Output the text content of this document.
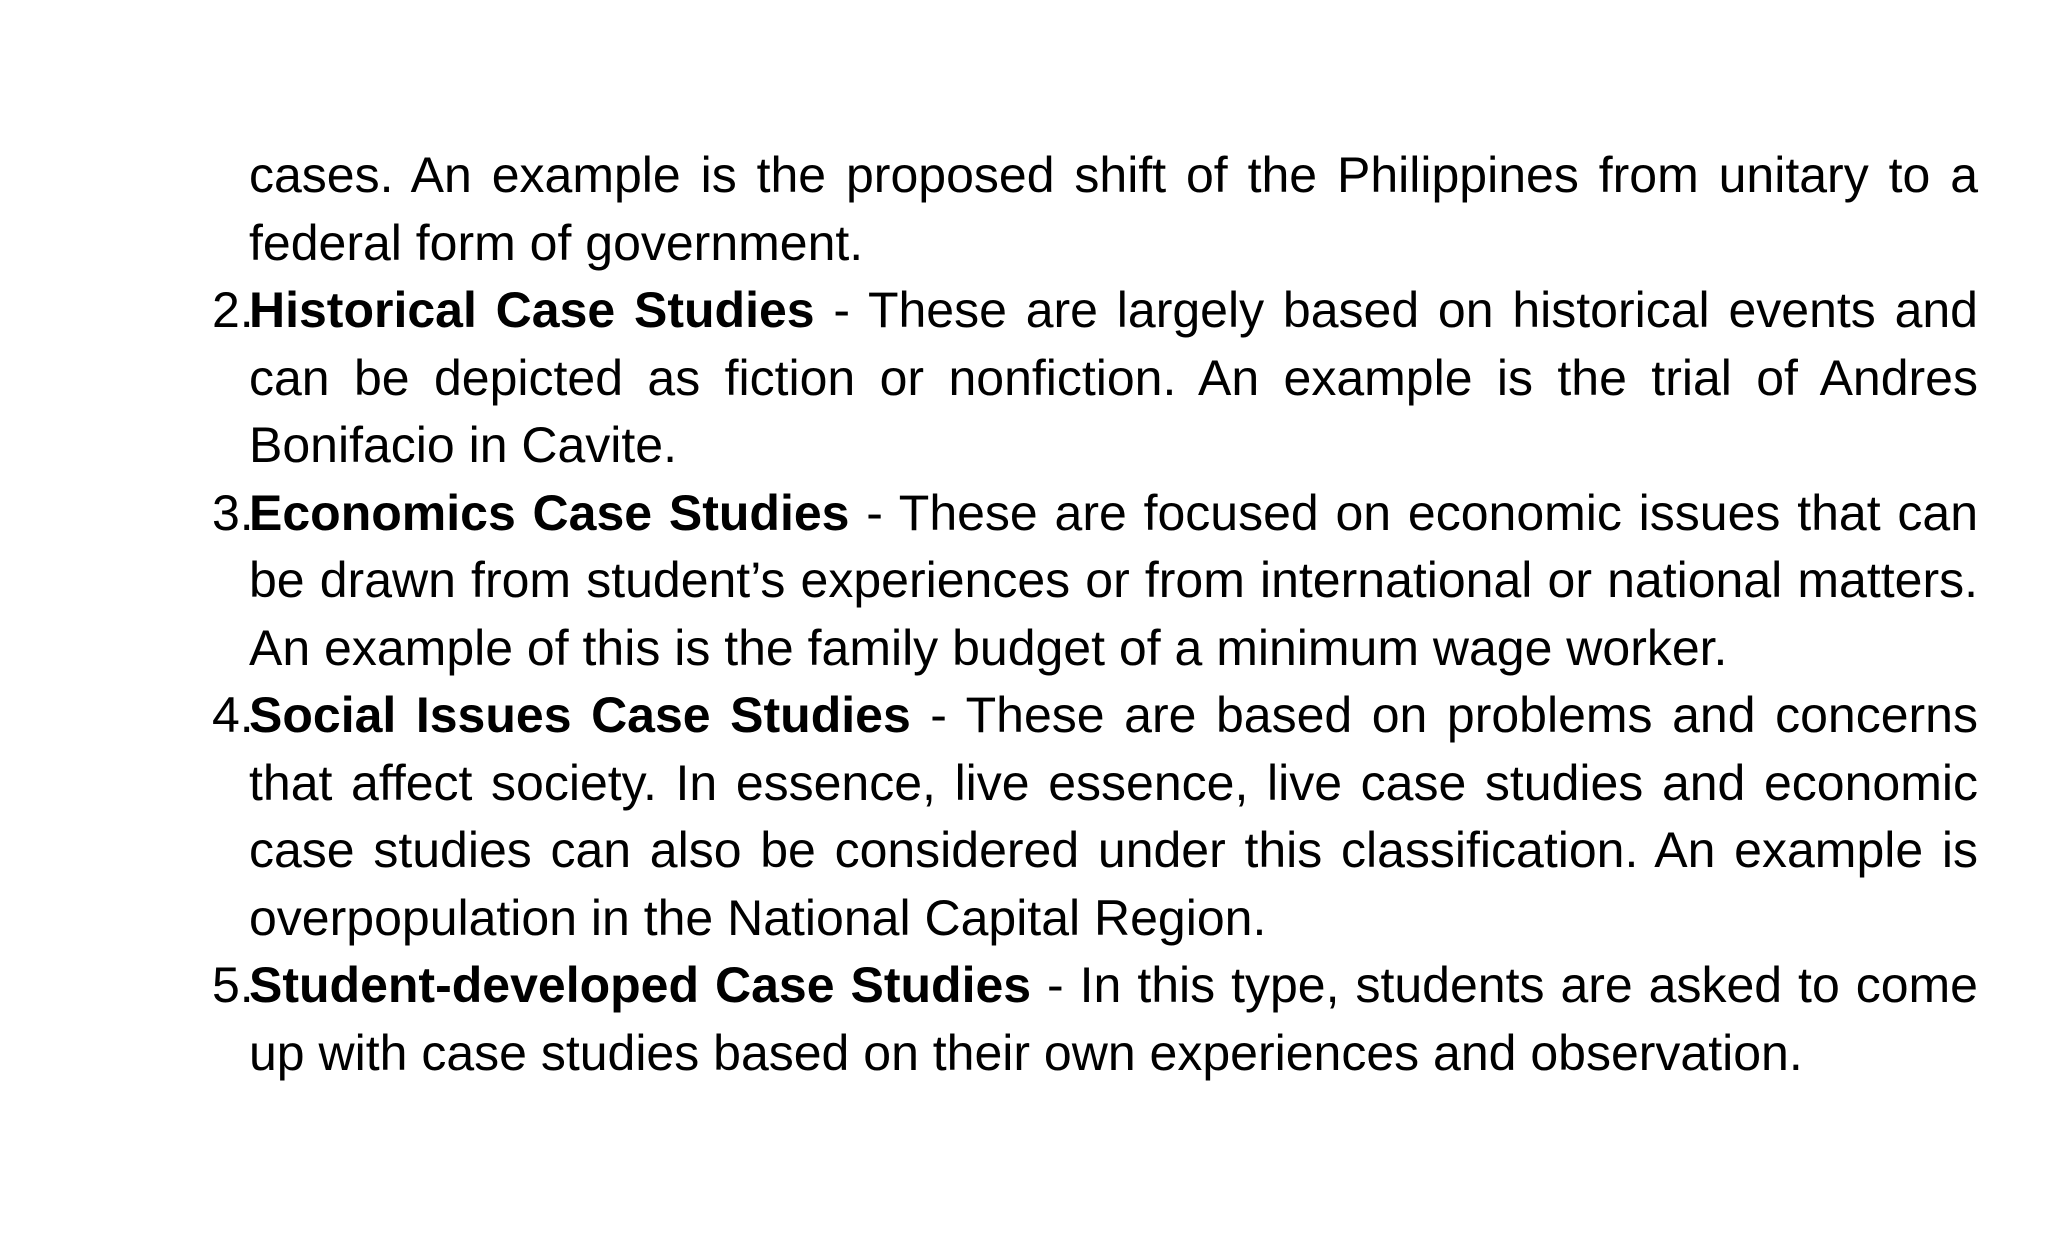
cases. An example is the proposed shift of the Philippines from unitary to a federal form of government.

2.
Historical Case Studies - These are largely based on historical events and can be depicted as fiction or nonfiction. An example is the trial of Andres Bonifacio in Cavite.
3.
Economics Case Studies - These are focused on economic issues that can be drawn from student’s experiences or from international or national matters. An example of this is the family budget of a minimum wage worker.
4.
Social Issues Case Studies - These are based on problems and concerns that affect society. In essence, live essence, live case studies and economic case studies can also be considered under this classification. An example is overpopulation in the National Capital Region.
5.
Student-developed Case Studies - In this type, students are asked to come up with case studies based on their own experiences and observation.
